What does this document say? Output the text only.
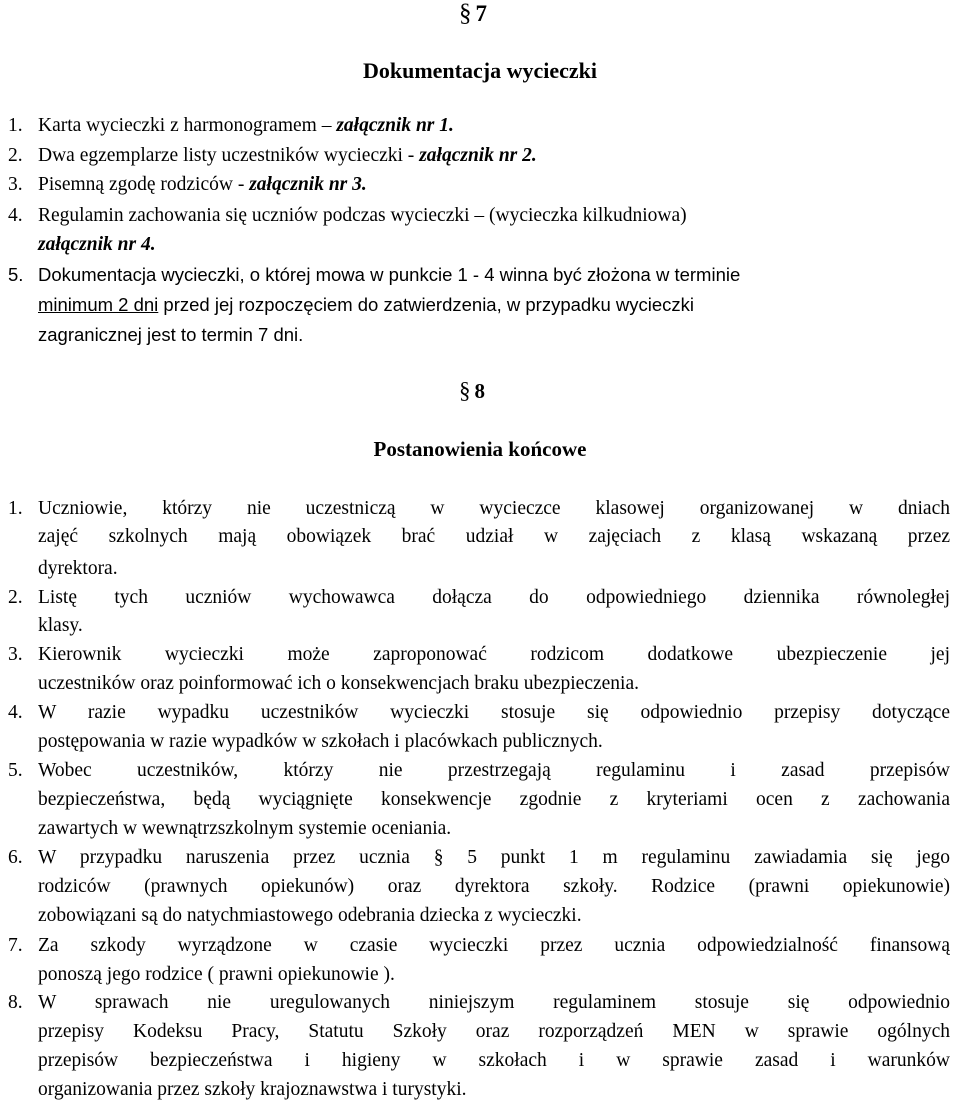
§ 7
Dokumentacja wycieczki
1. Karta wycieczki z harmonogramem – załącznik nr 1.
2. Dwa egzemplarze listy uczestników wycieczki - załącznik nr 2.
3. Pisemną zgodę rodziców - załącznik nr 3.
4. Regulamin zachowania się uczniów podczas wycieczki – (wycieczka kilkudniowa)
załącznik nr 4.
5. Dokumentacja wycieczki, o której mowa w punkcie 1 - 4 winna być złożona w terminie
minimum 2 dni przed jej rozpoczęciem do zatwierdzenia, w przypadku wycieczki
zagranicznej jest to termin 7 dni.
§ 8
Postanowienia końcowe
1. Uczniowie, którzy nie uczestniczą w wycieczce klasowej organizowanej w dniach
zajęć szkolnych mają obowiązek brać udział w zajęciach z klasą wskazaną przez
dyrektora.
2. Listę tych uczniów wychowawca dołącza do odpowiedniego dziennika równoległej
klasy.
3. Kierownik wycieczki może zaproponować rodzicom dodatkowe ubezpieczenie jej
uczestników oraz poinformować ich o konsekwencjach braku ubezpieczenia.
4. W razie wypadku uczestników wycieczki stosuje się odpowiednio przepisy dotyczące
postępowania w razie wypadków w szkołach i placówkach publicznych.
5. Wobec uczestników, którzy nie przestrzegają regulaminu i zasad przepisów
bezpieczeństwa, będą wyciągnięte konsekwencje zgodnie z kryteriami ocen z zachowania
zawartych w wewnątrzszkolnym systemie oceniania.
6. W przypadku naruszenia przez ucznia § 5 punkt 1 m regulaminu zawiadamia się jego
rodziców (prawnych opiekunów) oraz dyrektora szkoły. Rodzice (prawni opiekunowie)
zobowiązani są do natychmiastowego odebrania dziecka z wycieczki.
7. Za szkody wyrządzone w czasie wycieczki przez ucznia odpowiedzialność finansową
ponoszą jego rodzice ( prawni opiekunowie ).
8. W sprawach nie uregulowanych niniejszym regulaminem stosuje się odpowiednio
przepisy Kodeksu Pracy, Statutu Szkoły oraz rozporządzeń MEN w sprawie ogólnych
przepisów bezpieczeństwa i higieny w szkołach i w sprawie zasad i warunków
organizowania przez szkoły krajoznawstwa i turystyki.
